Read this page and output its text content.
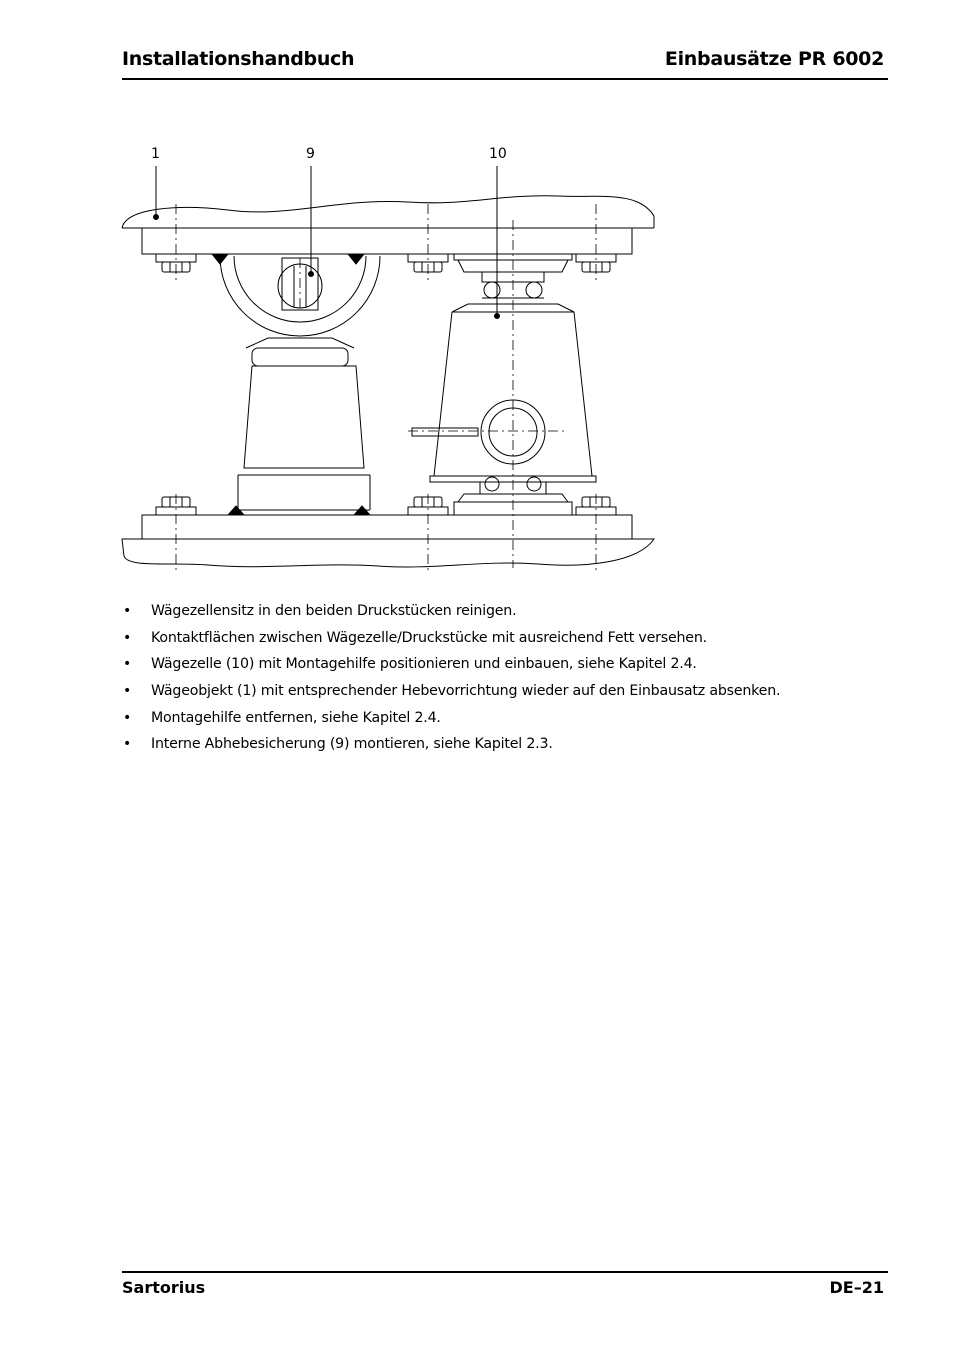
Installationshandbuch	Einbausätze PR 6002
1	9	10
• Wägezellensitz in den beiden Druckstücken reinigen.
• Kontaktflächen zwischen Wägezelle/Druckstücke mit ausreichend Fett versehen.
• Wägezelle (10) mit Montagehilfe positionieren und einbauen, siehe Kapitel 2.4.
• Wägeobjekt (1) mit entsprechender Hebevorrichtung wieder auf den Einbausatz absenken.
• Montagehilfe entfernen, siehe Kapitel 2.4.
• Interne Abhebesicherung (9) montieren, siehe Kapitel 2.3.
Sartorius	DE–21
